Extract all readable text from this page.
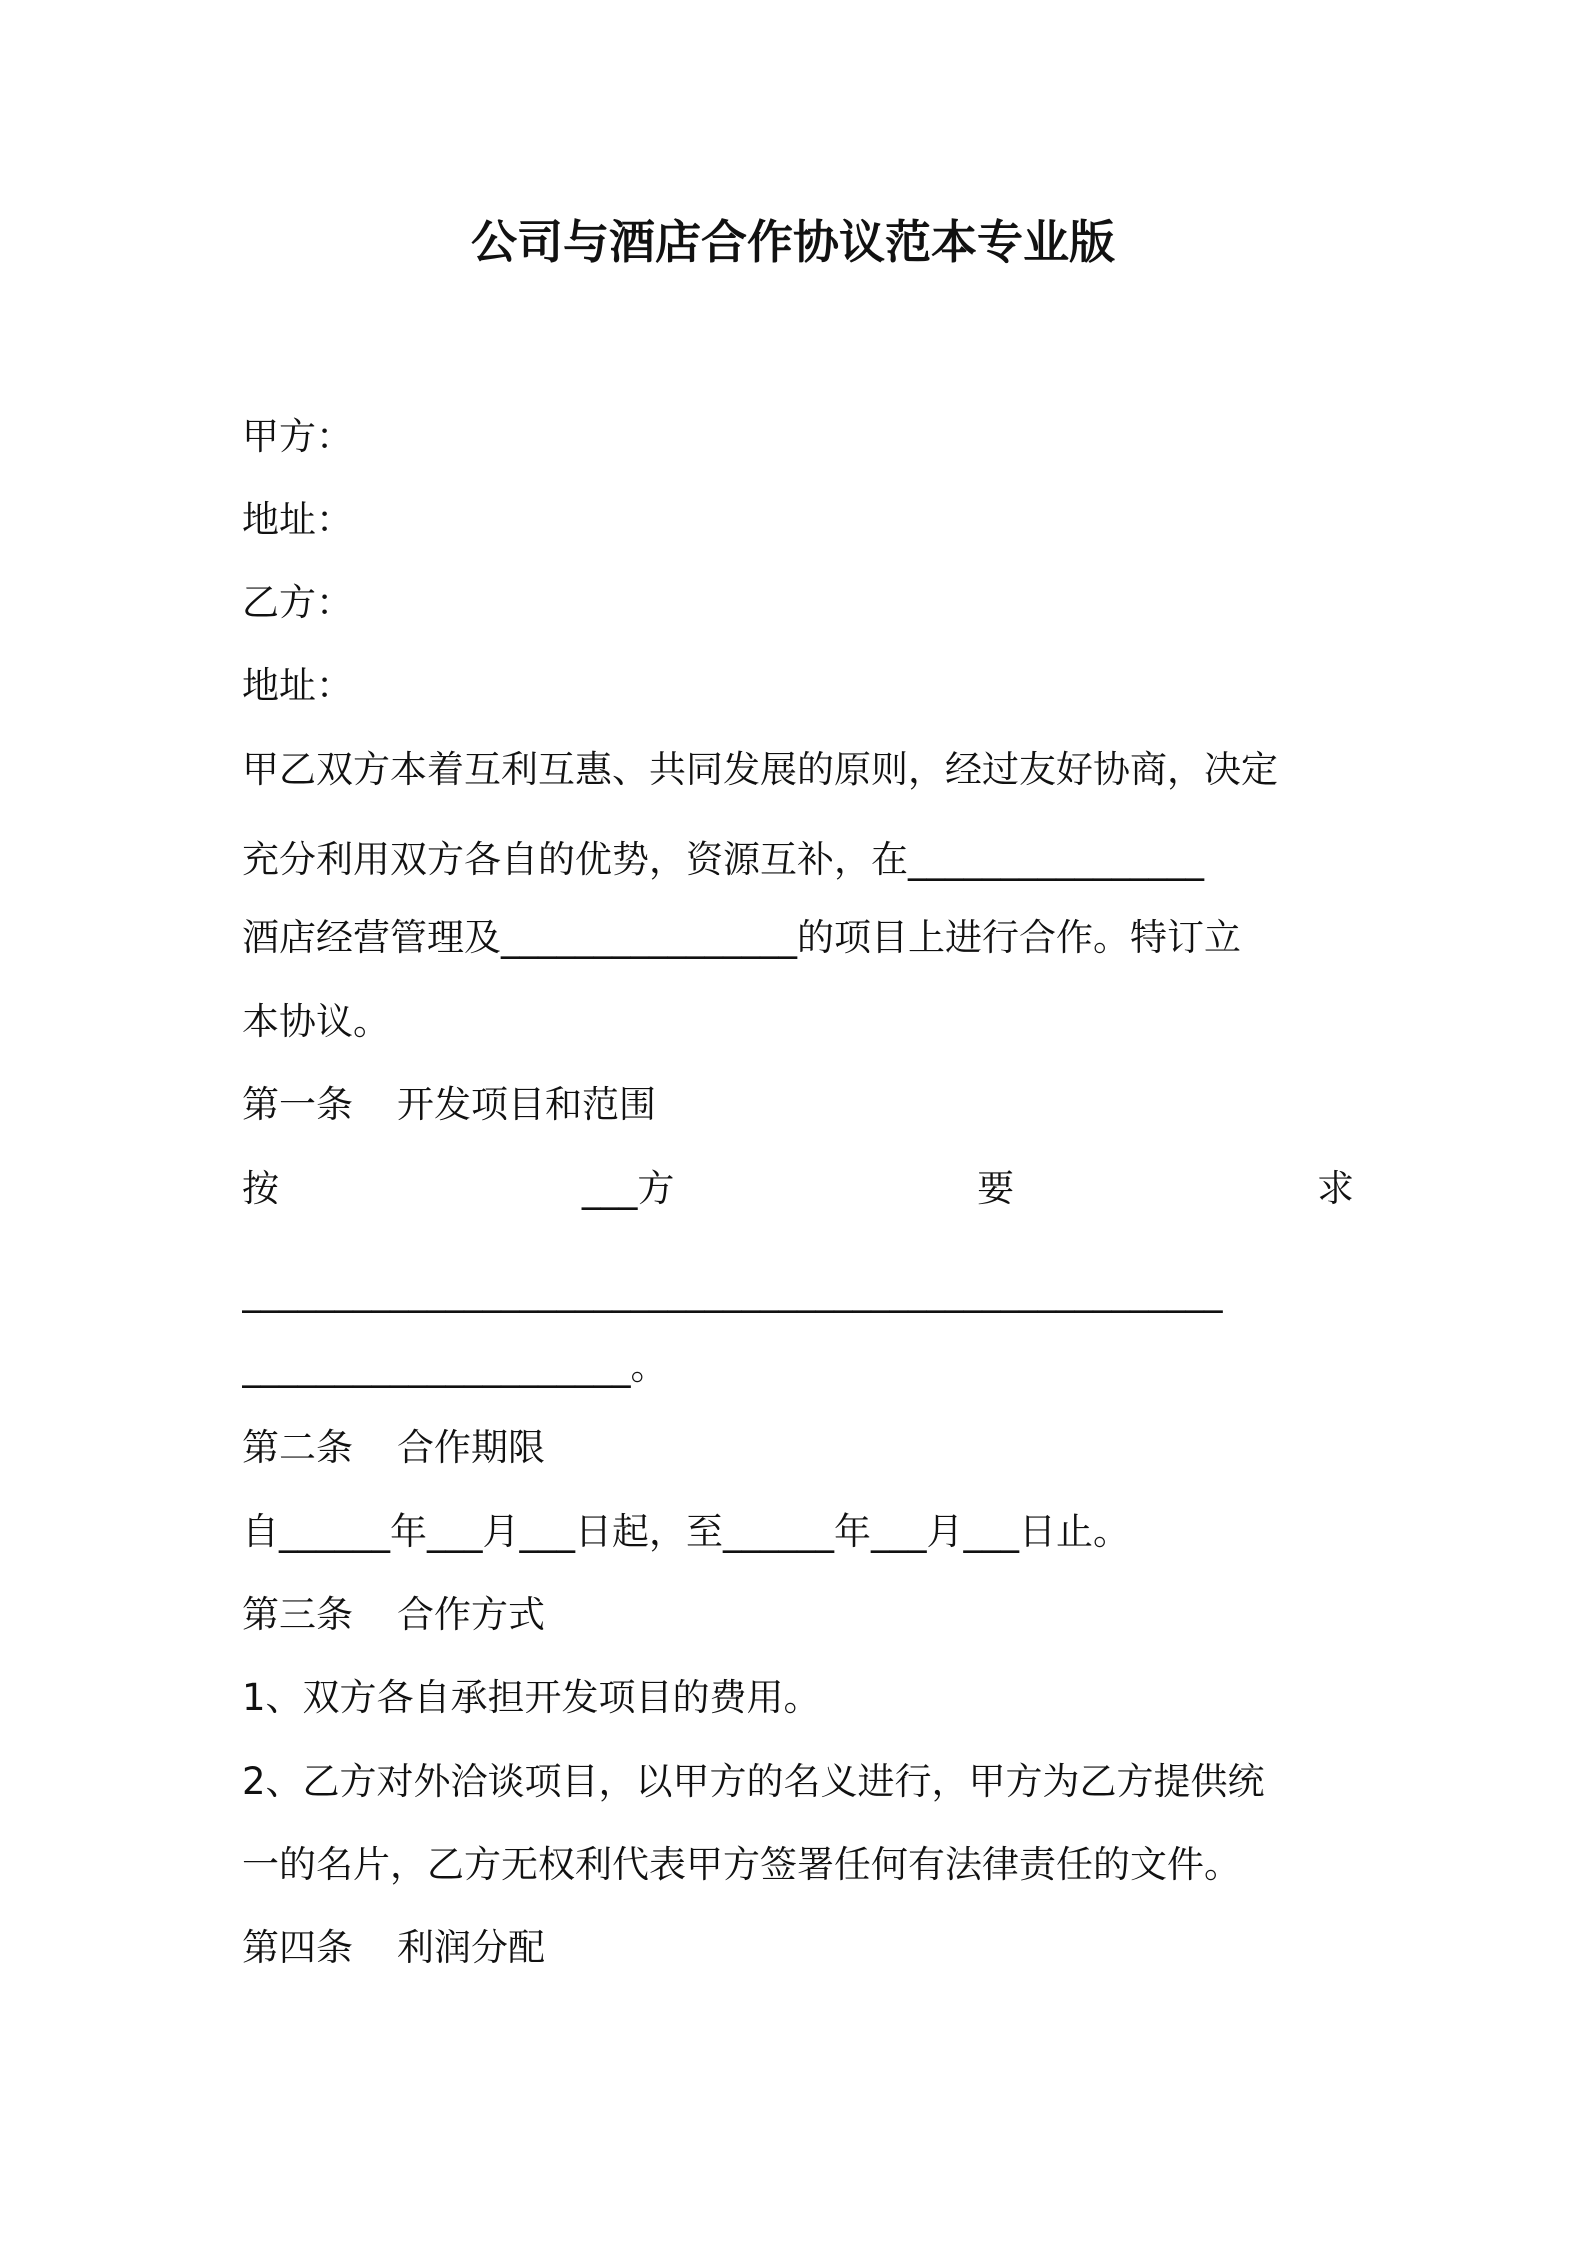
公司与酒店合作协议范本专业版
甲方：
地址：
乙方：
地址：
甲乙双方本着互利互惠、共同发展的原则，经过友好协商，决定
充分利用双方各自的优势，资源互补，在________________
酒店经营管理及________________的项目上进行合作。特订立
本协议。
第一条 开发项目和范围
按	___方	要	求
_____________________________________________________
_____________________。
第二条 合作期限
自______年___月___日起，至______年___月___日止。
第三条 合作方式
1、双方各自承担开发项目的费用。
2、乙方对外洽谈项目，以甲方的名义进行，甲方为乙方提供统
一的名片，乙方无权利代表甲方签署任何有法律责任的文件。
第四条 利润分配
